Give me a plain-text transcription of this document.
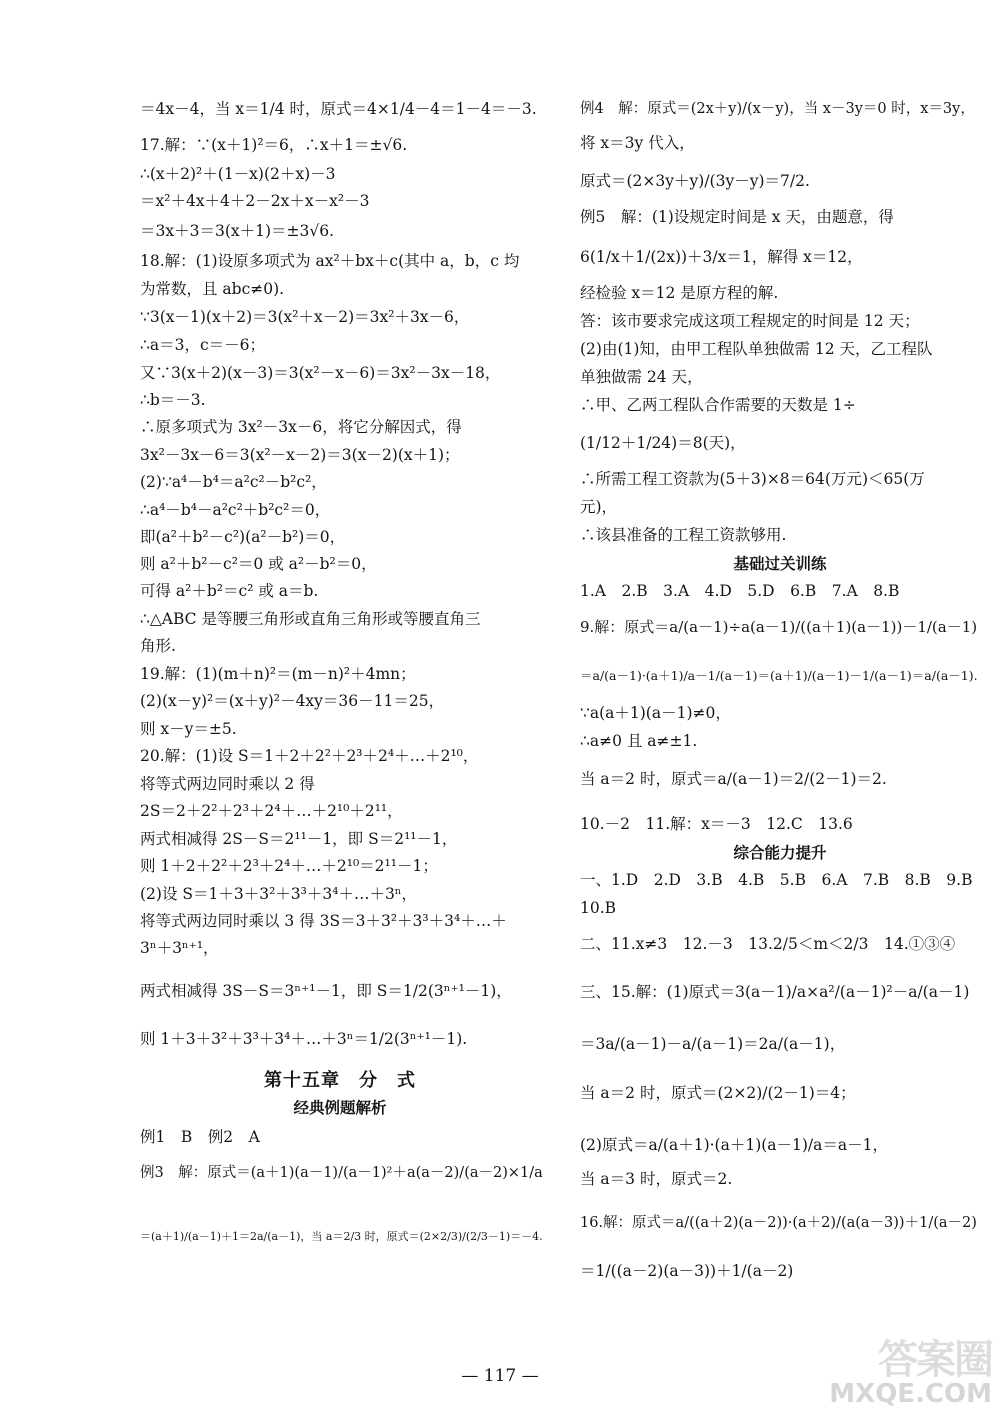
＝4x－4，当 x＝1/4 时，原式＝4×1/4－4＝1－4＝－3.
17.解：∵(x＋1)²＝6，∴x＋1＝±√6.
∴(x＋2)²＋(1－x)(2＋x)－3
＝x²＋4x＋4＋2－2x＋x－x²－3
＝3x＋3＝3(x＋1)＝±3√6.
18.解：(1)设原多项式为 ax²＋bx＋c(其中 a，b，c 均
为常数，且 abc≠0).
∵3(x－1)(x＋2)＝3(x²＋x－2)＝3x²＋3x－6，
∴a＝3，c＝－6；
又∵3(x＋2)(x－3)＝3(x²－x－6)＝3x²－3x－18，
∴b＝－3.
∴原多项式为 3x²－3x－6，将它分解因式，得
3x²－3x－6＝3(x²－x－2)＝3(x－2)(x＋1)；
(2)∵a⁴－b⁴＝a²c²－b²c²，
∴a⁴－b⁴－a²c²＋b²c²＝0，
即(a²＋b²－c²)(a²－b²)＝0，
则 a²＋b²－c²＝0 或 a²－b²＝0，
可得 a²＋b²＝c² 或 a＝b.
∴△ABC 是等腰三角形或直角三角形或等腰直角三
角形.
19.解：(1)(m＋n)²＝(m－n)²＋4mn；
(2)(x－y)²＝(x＋y)²－4xy＝36－11＝25，
则 x－y＝±5.
20.解：(1)设 S＝1＋2＋2²＋2³＋2⁴＋…＋2¹⁰，
将等式两边同时乘以 2 得
2S＝2＋2²＋2³＋2⁴＋…＋2¹⁰＋2¹¹，
两式相减得 2S－S＝2¹¹－1，即 S＝2¹¹－1，
则 1＋2＋2²＋2³＋2⁴＋…＋2¹⁰＝2¹¹－1；
(2)设 S＝1＋3＋3²＋3³＋3⁴＋…＋3ⁿ，
将等式两边同时乘以 3 得 3S＝3＋3²＋3³＋3⁴＋…＋
3ⁿ＋3ⁿ⁺¹，
两式相减得 3S－S＝3ⁿ⁺¹－1，即 S＝1/2(3ⁿ⁺¹－1)，
则 1＋3＋3²＋3³＋3⁴＋…＋3ⁿ＝1/2(3ⁿ⁺¹－1).
第十五章　分　式
经典例题解析
例1　B　例2　A
例3　解：原式＝(a＋1)(a－1)/(a－1)²＋a(a－2)/(a－2)×1/a
＝(a＋1)/(a－1)＋1＝2a/(a－1)，当 a＝2/3 时，原式＝(2×2/3)/(2/3－1)＝－4.
例4　解：原式＝(2x＋y)/(x－y)，当 x－3y＝0 时，x＝3y，
将 x＝3y 代入，
原式＝(2×3y＋y)/(3y－y)＝7/2.
例5　解：(1)设规定时间是 x 天，由题意，得
6(1/x＋1/(2x))＋3/x＝1，解得 x＝12，
经检验 x＝12 是原方程的解.
答：该市要求完成这项工程规定的时间是 12 天；
(2)由(1)知，由甲工程队单独做需 12 天，乙工程队
单独做需 24 天，
∴甲、乙两工程队合作需要的天数是 1÷
(1/12＋1/24)＝8(天)，
∴所需工程工资款为(5＋3)×8＝64(万元)＜65(万
元)，
∴该县准备的工程工资款够用.
基础过关训练
1.A　2.B　3.A　4.D　5.D　6.B　7.A　8.B
9.解：原式＝a/(a－1)÷a(a－1)/((a＋1)(a－1))－1/(a－1)
＝a/(a－1)·(a＋1)/a－1/(a－1)＝(a＋1)/(a－1)－1/(a－1)＝a/(a－1).
∵a(a＋1)(a－1)≠0，
∴a≠0 且 a≠±1.
当 a＝2 时，原式＝a/(a－1)＝2/(2－1)＝2.
10.－2　11.解：x＝－3　12.C　13.6
综合能力提升
一、1.D　2.D　3.B　4.B　5.B　6.A　7.B　8.B　9.B
10.B
二、11.x≠3　12.－3　13.2/5＜m＜2/3　14.①③④
三、15.解：(1)原式＝3(a－1)/a×a²/(a－1)²－a/(a－1)
＝3a/(a－1)－a/(a－1)＝2a/(a－1)，
当 a＝2 时，原式＝(2×2)/(2－1)＝4；
(2)原式＝a/(a＋1)·(a＋1)(a－1)/a＝a－1，
当 a＝3 时，原式＝2.
16.解：原式＝a/((a＋2)(a－2))·(a＋2)/(a(a－3))＋1/(a－2)
＝1/((a－2)(a－3))＋1/(a－2)
— 117 —	答案圈
MXQE.COM
